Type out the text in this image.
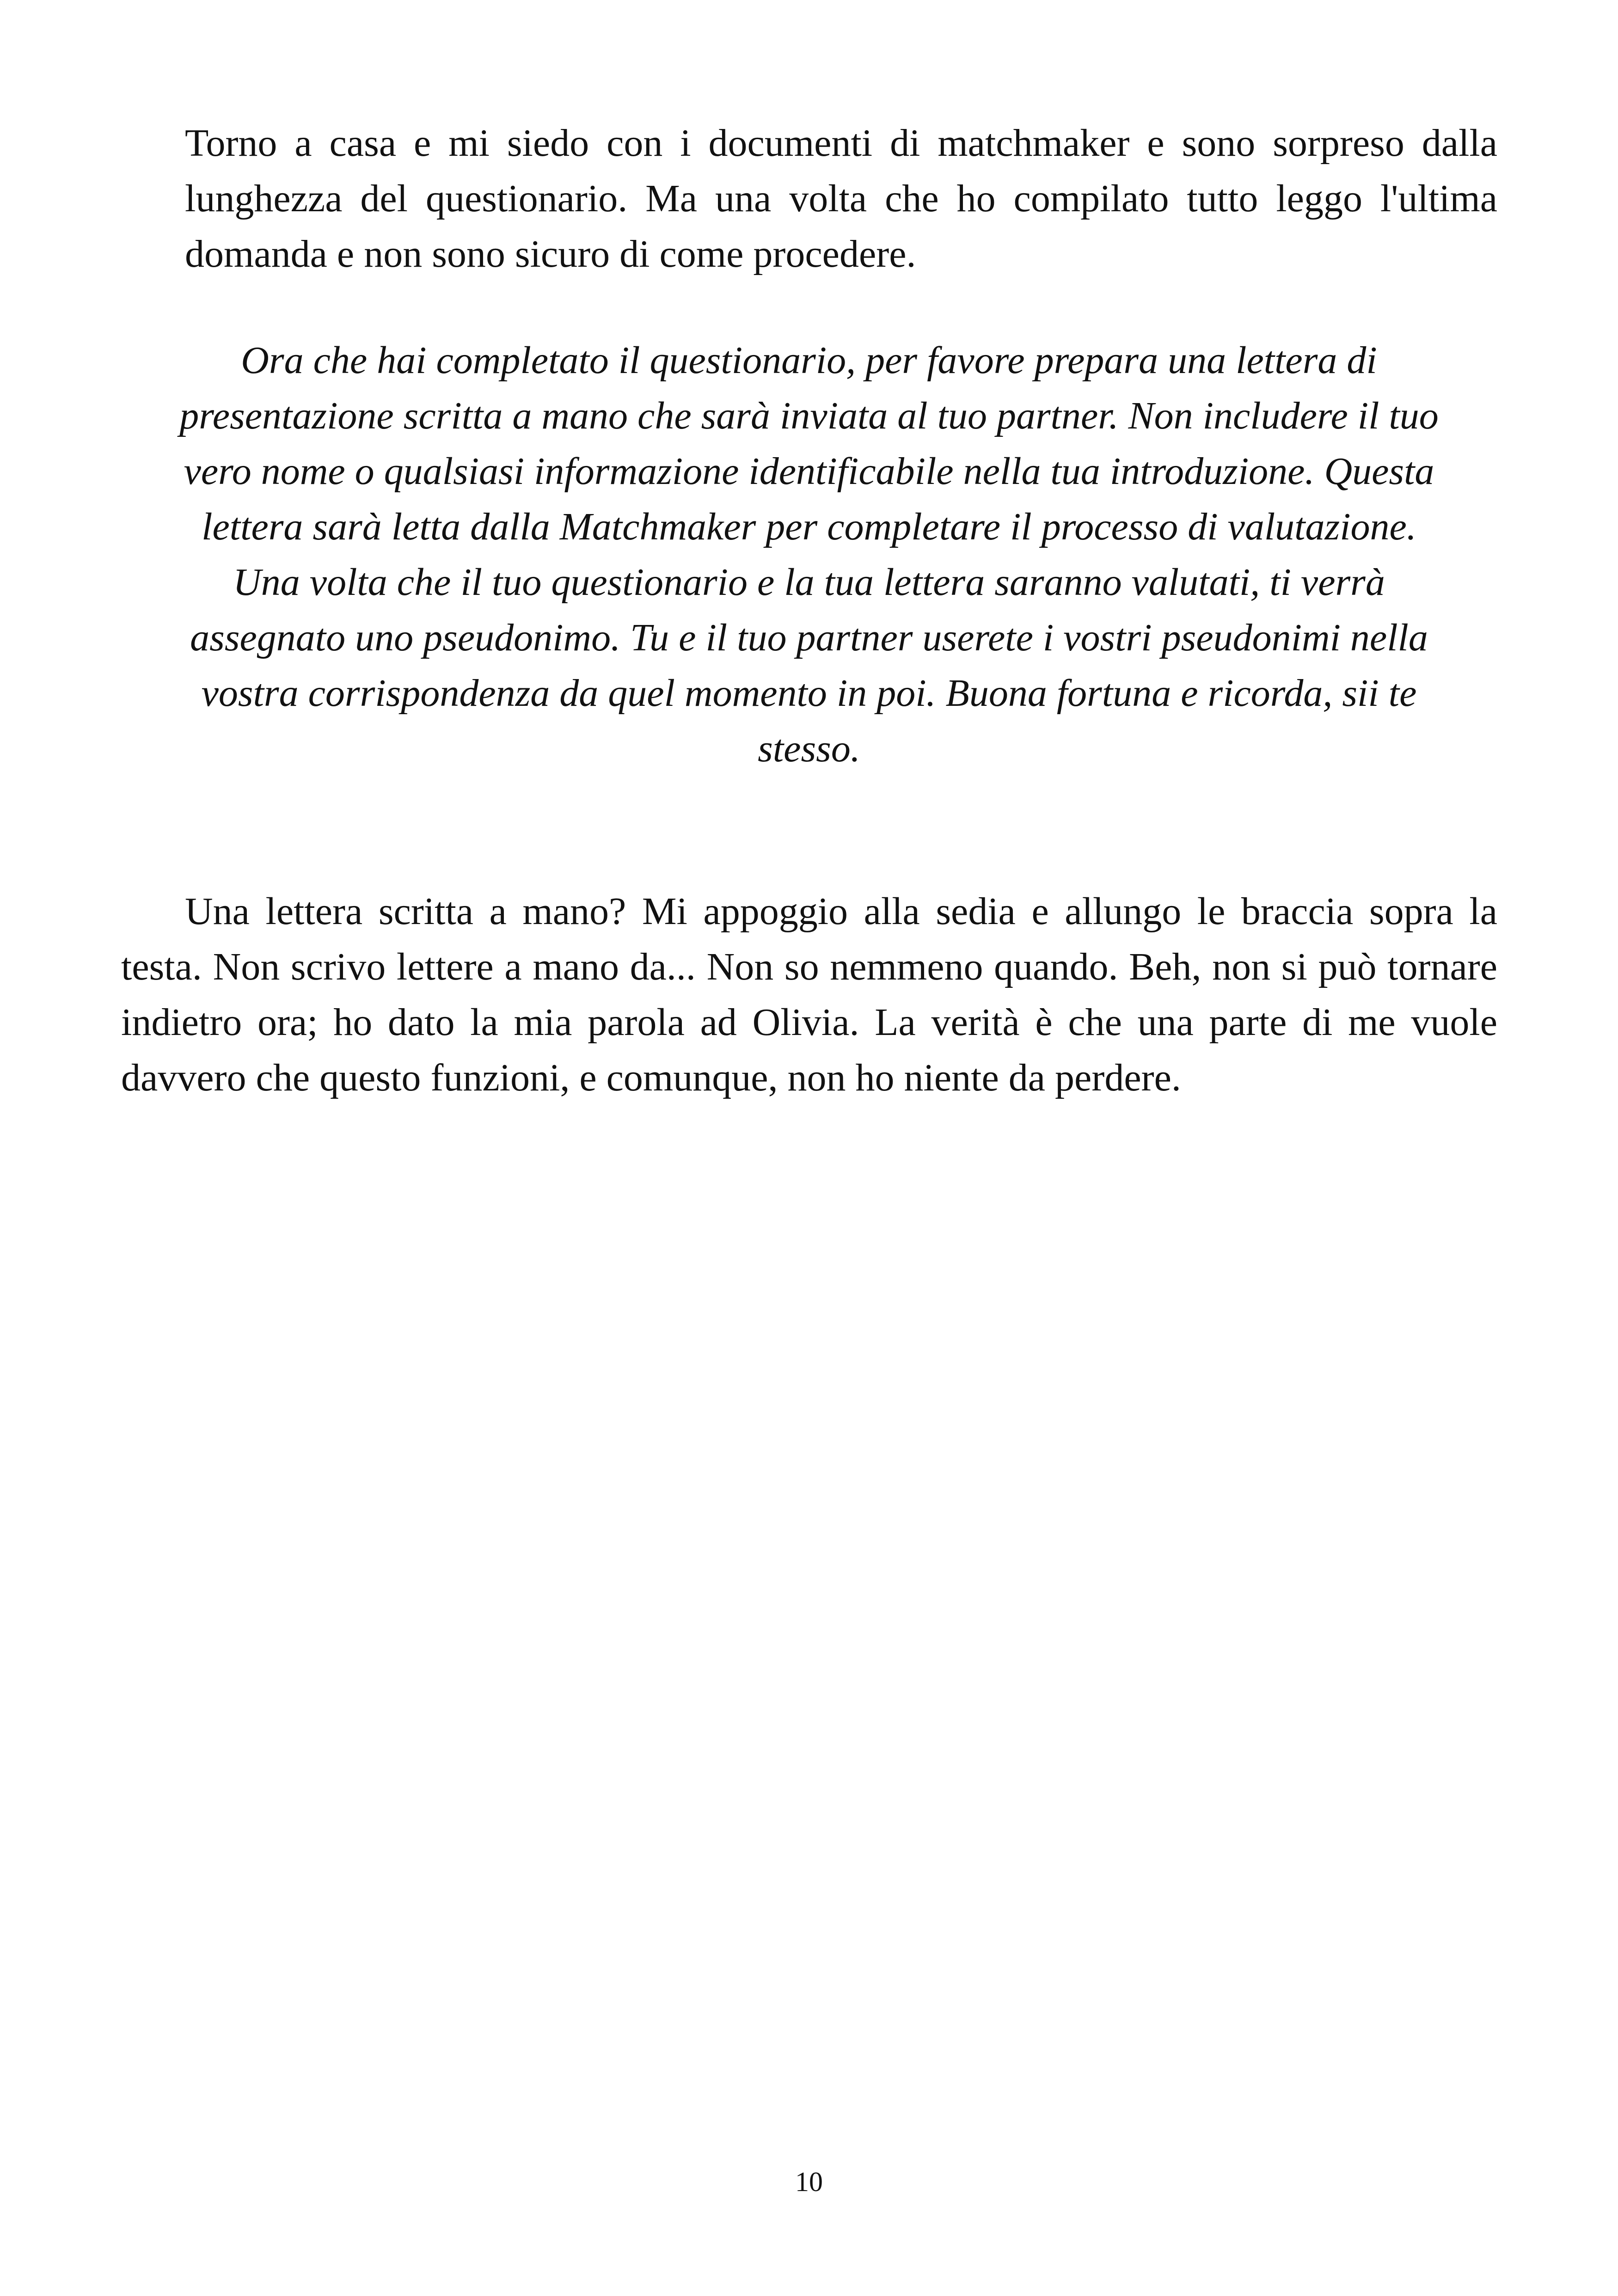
Torno a casa e mi siedo con i documenti di matchmaker e sono sorpreso dalla lunghezza del questionario. Ma una volta che ho compilato tutto leggo l'ultima domanda e non sono sicuro di come procedere.

Ora che hai completato il questionario, per favore prepara una lettera di presentazione scritta a mano che sarà inviata al tuo partner. Non includere il tuo vero nome o qualsiasi informazione identificabile nella tua introduzione. Questa lettera sarà letta dalla Matchmaker per completare il processo di valutazione.

Una volta che il tuo questionario e la tua lettera saranno valutati, ti verrà assegnato uno pseudonimo. Tu e il tuo partner userete i vostri pseudonimi nella vostra corrispondenza da quel momento in poi. Buona fortuna e ricorda, sii te stesso.

Una lettera scritta a mano? Mi appoggio alla sedia e allungo le braccia sopra la testa. Non scrivo lettere a mano da... Non so nemmeno quando. Beh, non si può tornare indietro ora; ho dato la mia parola ad Olivia. La verità è che una parte di me vuole davvero che questo funzioni, e comunque, non ho niente da perdere.

10
